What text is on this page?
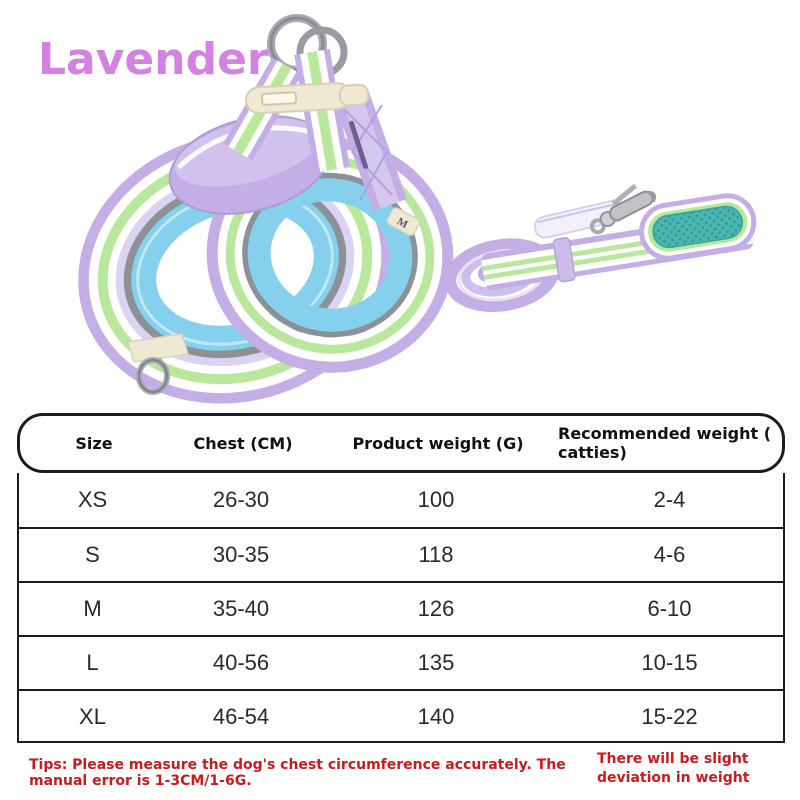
Lavender
M
Size	Chest (CM)	Product weight (G)	Recommended weight ( catties)
XS	26-30	100	2-4
S	30-35	118	4-6
M	35-40	126	6-10
L	40-56	135	10-15
XL	46-54	140	15-22
Tips: Please measure the dog's chest circumference accurately. The manual error is 1-3CM/1-6G.
There will be slight deviation in weight
